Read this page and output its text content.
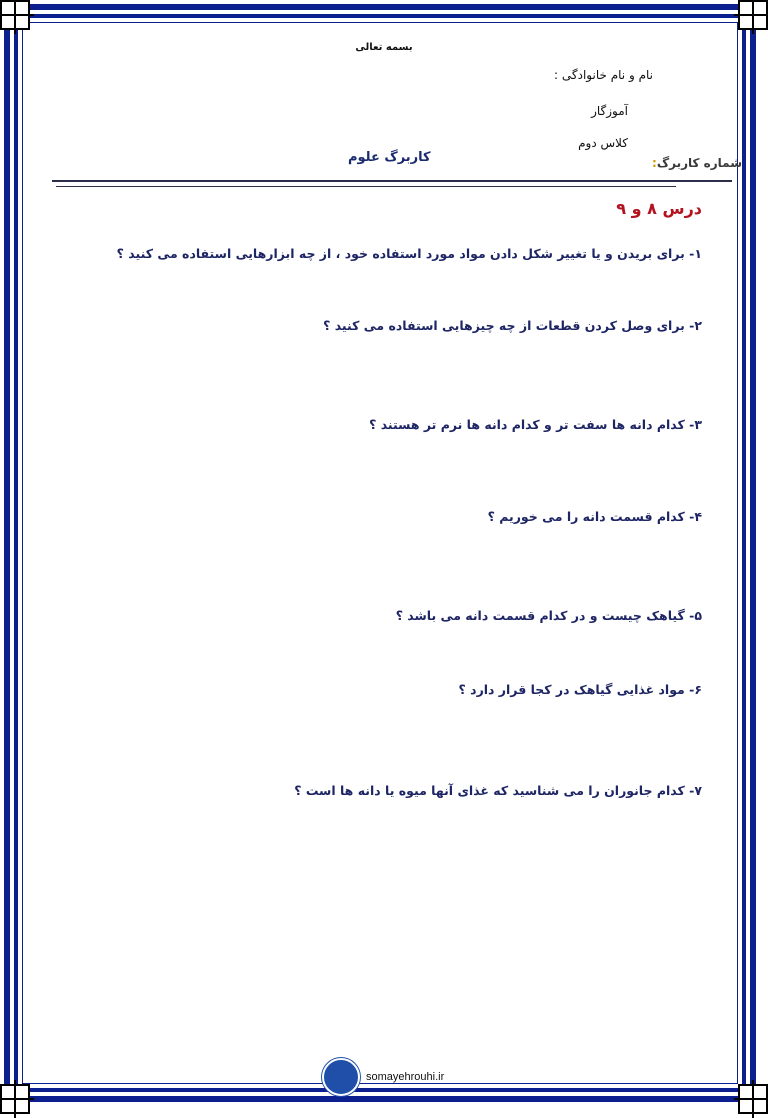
بسمه تعالی
نام و نام خانوادگی :
آموزگار
کلاس دوم
شماره کاربرگ:
کاربرگ علوم
درس ۸ و ۹
۱- برای بریدن و یا تغییر شکل دادن مواد مورد استفاده خود ، از چه ابزارهایی استفاده می کنید ؟
۲- برای وصل کردن قطعات از چه چیزهایی استفاده می کنید ؟
۳- کدام دانه ها سفت تر و کدام دانه ها نرم تر هستند ؟
۴- کدام قسمت دانه را می خوریم ؟
۵- گیاهک چیست و در کدام قسمت دانه می باشد ؟
۶- مواد غذایی گیاهک در کجا قرار دارد ؟
۷- کدام جانوران را می شناسید که غذای آنها میوه یا دانه ها است ؟
somayehrouhi.ir
